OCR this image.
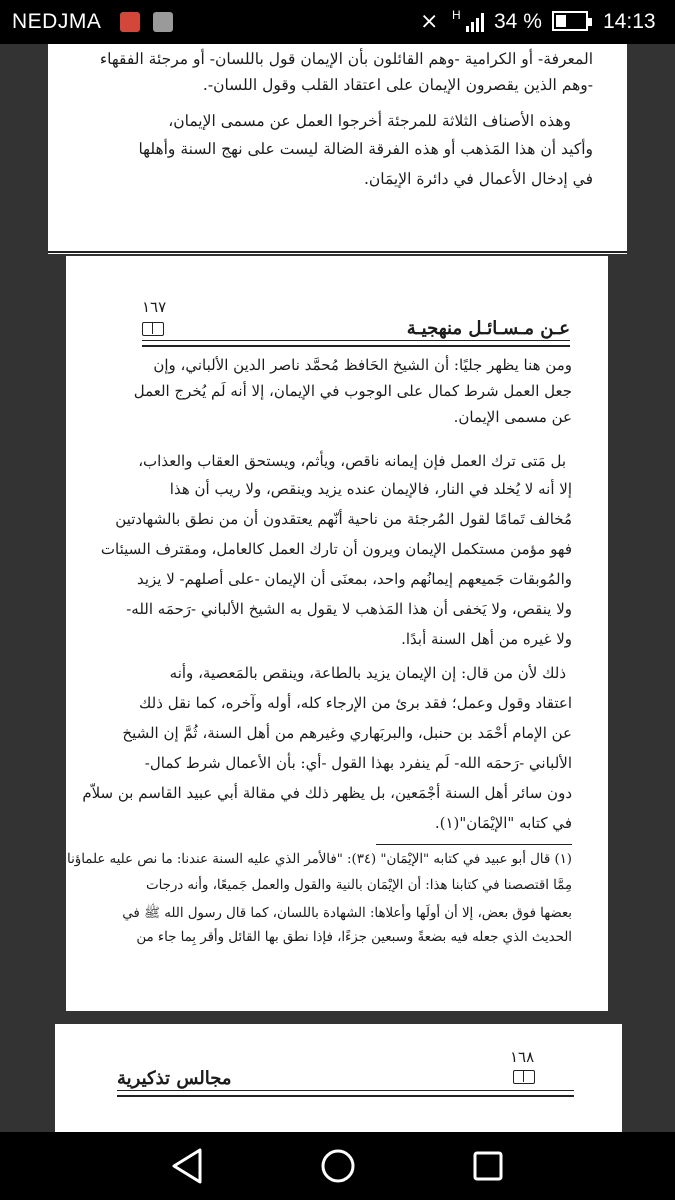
NEDJMA	⨯ H 34 %	14:13
المعرفة- أو الكرامية -وهم القائلون بأن الإيمان قول باللسان- أو مرجئة الفقهاء
-وهم الذين يقصرون الإيمان على اعتقاد القلب وقول اللسان-.
وهذه الأصناف الثلاثة للمرجئة أخرجوا العمل عن مسمى الإيمان،
وأكيد أن هذا المَذهب أو هذه الفرقة الضالة ليست على نهج السنة وأهلها
في إدخال الأعمال في دائرة الإيمَان.
١٦٧
عـن مـسـائـل منهجيـة
ومن هنا يظهر جليًا: أن الشيخ الحَافظ مُحمَّد ناصر الدين الألباني، وإن
جعل العمل شرط كمال على الوجوب في الإيمان، إلا أنه لَم يُخرج العمل
عن مسمى الإيمان.
بل مَتى ترك العمل فإن إيمانه ناقص، ويأثم، ويستحق العقاب والعذاب،
إلا أنه لا يُخلد في النار، فالإيمان عنده يزيد وينقص، ولا ريب أن هذا
مُخالف تَمامًا لقول المُرجئة من ناحية أنّهم يعتقدون أن من نطق بالشهادتين
فهو مؤمن مستكمل الإيمان ويرون أن تارك العمل كالعامل، ومقترف السيئات
والمُوبقات جَميعهم إيمانُهم واحد، بمعنَى أن الإيمان -على أصلهم- لا يزيد
ولا ينقص، ولا يَخفى أن هذا المَذهب لا يقول به الشيخ الألباني -رَحمَه الله-
ولا غيره من أهل السنة أبدًا.
ذلك لأن من قال: إن الإيمان يزيد بالطاعة، وينقص بالمَعصية، وأنه
اعتقاد وقول وعمل؛ فقد برئ من الإرجاء كله، أوله وآخره، كما نقل ذلك
عن الإمام أحْمَد بن حنبل، والبربَهاري وغيرهم من أهل السنة، ثُمَّ إن الشيخ
الألباني -رَحمَه الله- لَم ينفرد بهذا القول -أي: بأن الأعمال شرط كمال-
دون سائر أهل السنة أجْمَعين، بل يظهر ذلك في مقالة أبي عبيد القاسم بن سلاّم
في كتابه "الإيْمَان"(١).
(١) قال أبو عبيد في كتابه "الإيْمَان" (٣٤): "فالأمر الذي عليه السنة عندنا: ما نص عليه علماؤنا
مِمَّا اقتصصنا في كتابنا هذا: أن الإيْمَان بالنية والقول والعمل جَميعًا، وأنه درجات
بعضها فوق بعض، إلا أن أولَها وأعلاها: الشهادة باللسان، كما قال رسول الله ﷺ في
الحديث الذي جعله فيه بضعةً وسبعين جزءًا، فإذا نطق بها القائل وأقر بِما جاء من
١٦٨
مجالس تذكيرية
